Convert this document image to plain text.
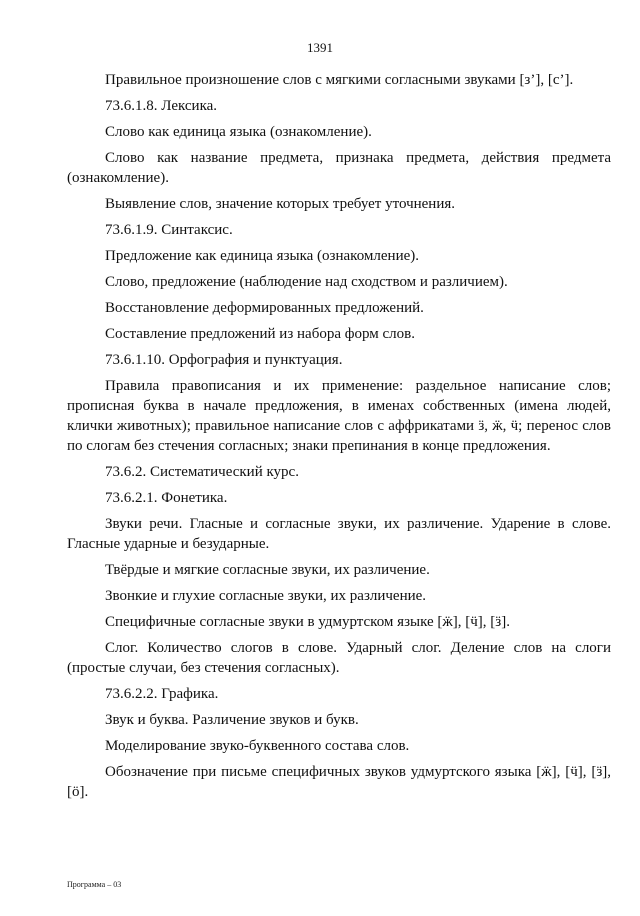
1391

Правильное произношение слов с мягкими согласными звуками [з’], [с’].

73.6.1.8. Лексика.

Слово как единица языка (ознакомление).

Слово как название предмета, признака предмета, действия предмета (ознакомление).

Выявление слов, значение которых требует уточнения.

73.6.1.9. Синтаксис.

Предложение как единица языка (ознакомление).

Слово, предложение (наблюдение над сходством и различием).

Восстановление деформированных предложений.

Составление предложений из набора форм слов.

73.6.1.10. Орфография и пунктуация.

Правила правописания и их применение: раздельное написание слов; прописная буква в начале предложения, в именах собственных (имена людей, клички животных); правильное написание слов с аффрикатами ӟ, ӝ, ӵ; перенос слов по слогам без стечения согласных; знаки препинания в конце предложения.

73.6.2. Систематический курс.

73.6.2.1. Фонетика.

Звуки речи. Гласные и согласные звуки, их различение. Ударение в слове. Гласные ударные и безударные.

Твёрдые и мягкие согласные звуки, их различение.

Звонкие и глухие согласные звуки, их различение.

Специфичные согласные звуки в удмуртском языке [ӝ], [ӵ], [ӟ].

Слог. Количество слогов в слове. Ударный слог. Деление слов на слоги (простые случаи, без стечения согласных).

73.6.2.2. Графика.

Звук и буква. Различение звуков и букв.

Моделирование звуко-буквенного состава слов.

Обозначение при письме специфичных звуков удмуртского языка [ӝ], [ӵ], [ӟ], [ӧ].

Программа – 03
